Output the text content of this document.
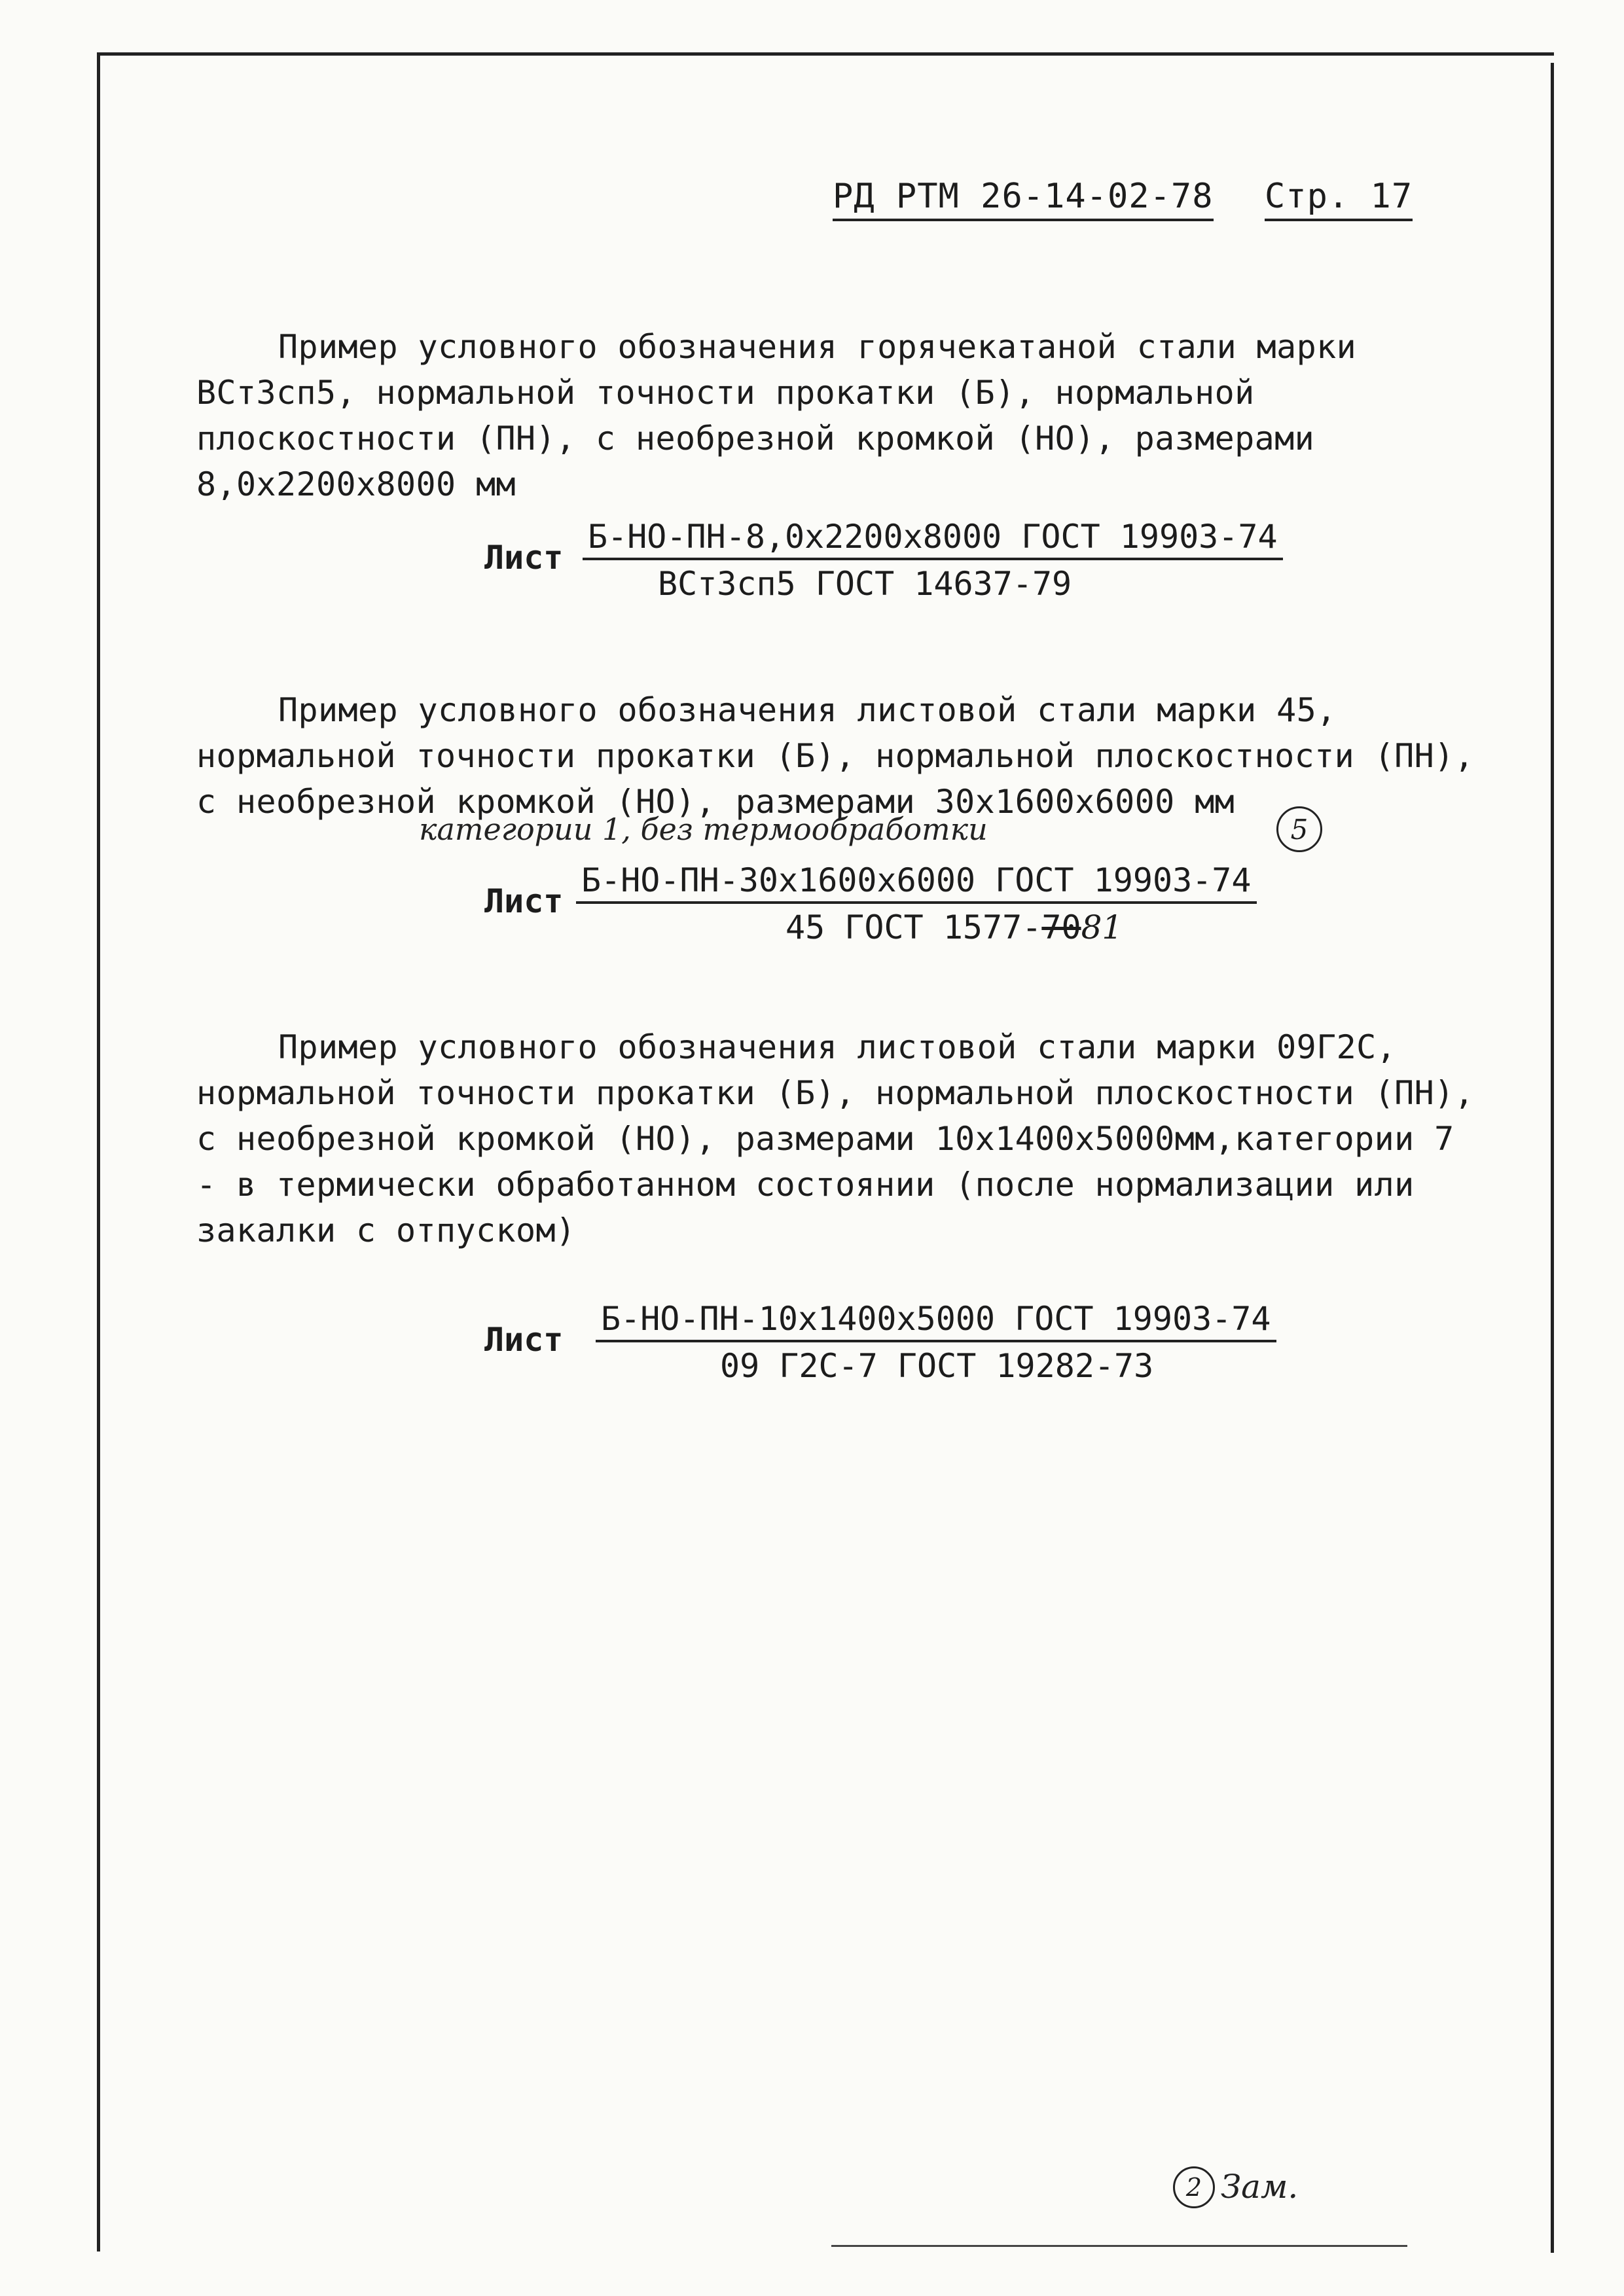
РД РТМ 26-14-02-78 Стр. 17
Пример условного обозначения горячекатаной стали марки ВСт3сп5, нормальной точности прокатки (Б), нормальной плоскостности (ПН), с необрезной кромкой (НО), размерами 8,0х2200х8000 мм
Лист
Б-НО-ПН-8,0х2200х8000 ГОСТ 19903-74
ВСт3сп5 ГОСТ 14637-79
Пример условного обозначения листовой стали марки 45, нормальной точности прокатки (Б), нормальной плоскостности (ПН), с необрезной кромкой (НО), размерами 30х1600х6000 мм
категории 1, без термообработки	5
Лист
Б-НО-ПН-30х1600х6000 ГОСТ 19903-74
45 ГОСТ 1577-7081
Пример условного обозначения листовой стали марки 09Г2С, нормальной точности прокатки (Б), нормальной плоскостности (ПН), с необрезной кромкой (НО), размерами 10х1400х5000мм,категории 7 - в термически обработанном состоянии (после нормализации или закалки с отпуском)
Лист
Б-НО-ПН-10х1400х5000 ГОСТ 19903-74
09 Г2С-7 ГОСТ 19282-73
2 Зам.
